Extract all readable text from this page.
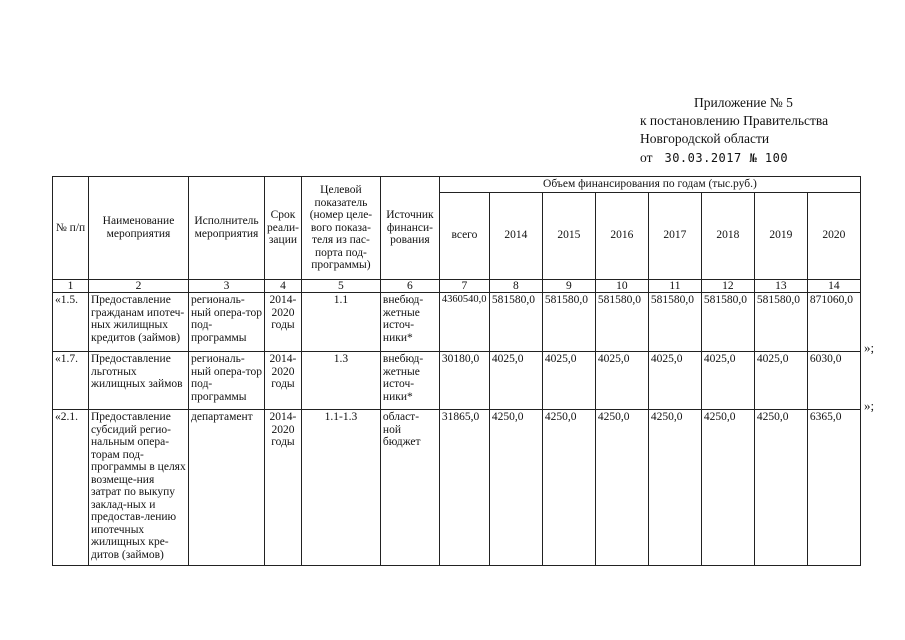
Приложение № 5
к постановлению Правительства
Новгородской области
от 30.03.2017 № 100
№ п/п	Наименование мероприятия	Исполнитель мероприятия	Срок реали-зации	Целевой показатель (номер целе-вого показа-теля из пас-порта под-программы)	Источник финанси-рования	Объем финансирования по годам (тыс.руб.)							
						всего	2014	2015	2016	2017	2018	2019	2020
1	2	3	4	5	6	7	8	9	10	11	12	13	14
«1.5.	Предоставление гражданам ипотеч-ных жилищных кредитов (займов)	региональ-ный опера-тор под-программы	2014-2020 годы	1.1	внебюд-жетные источ-ники*	4360540,0	581580,0	581580,0	581580,0	581580,0	581580,0	581580,0	871060,0
«1.7.	Предоставление льготных жилищных займов	региональ-ный опера-тор под-программы	2014-2020 годы	1.3	внебюд-жетные источ-ники*	30180,0	4025,0	4025,0	4025,0	4025,0	4025,0	4025,0	6030,0
«2.1.	Предоставление субсидий регио-нальным опера-торам под-программы в целях возмеще-ния затрат по выкупу заклад-ных и предостав-лению ипотечных жилищных кре-дитов (займов)	департамент	2014-2020 годы	1.1-1.3	област-ной бюджет	31865,0	4250,0	4250,0	4250,0	4250,0	4250,0	4250,0	6365,0
»;
»;
